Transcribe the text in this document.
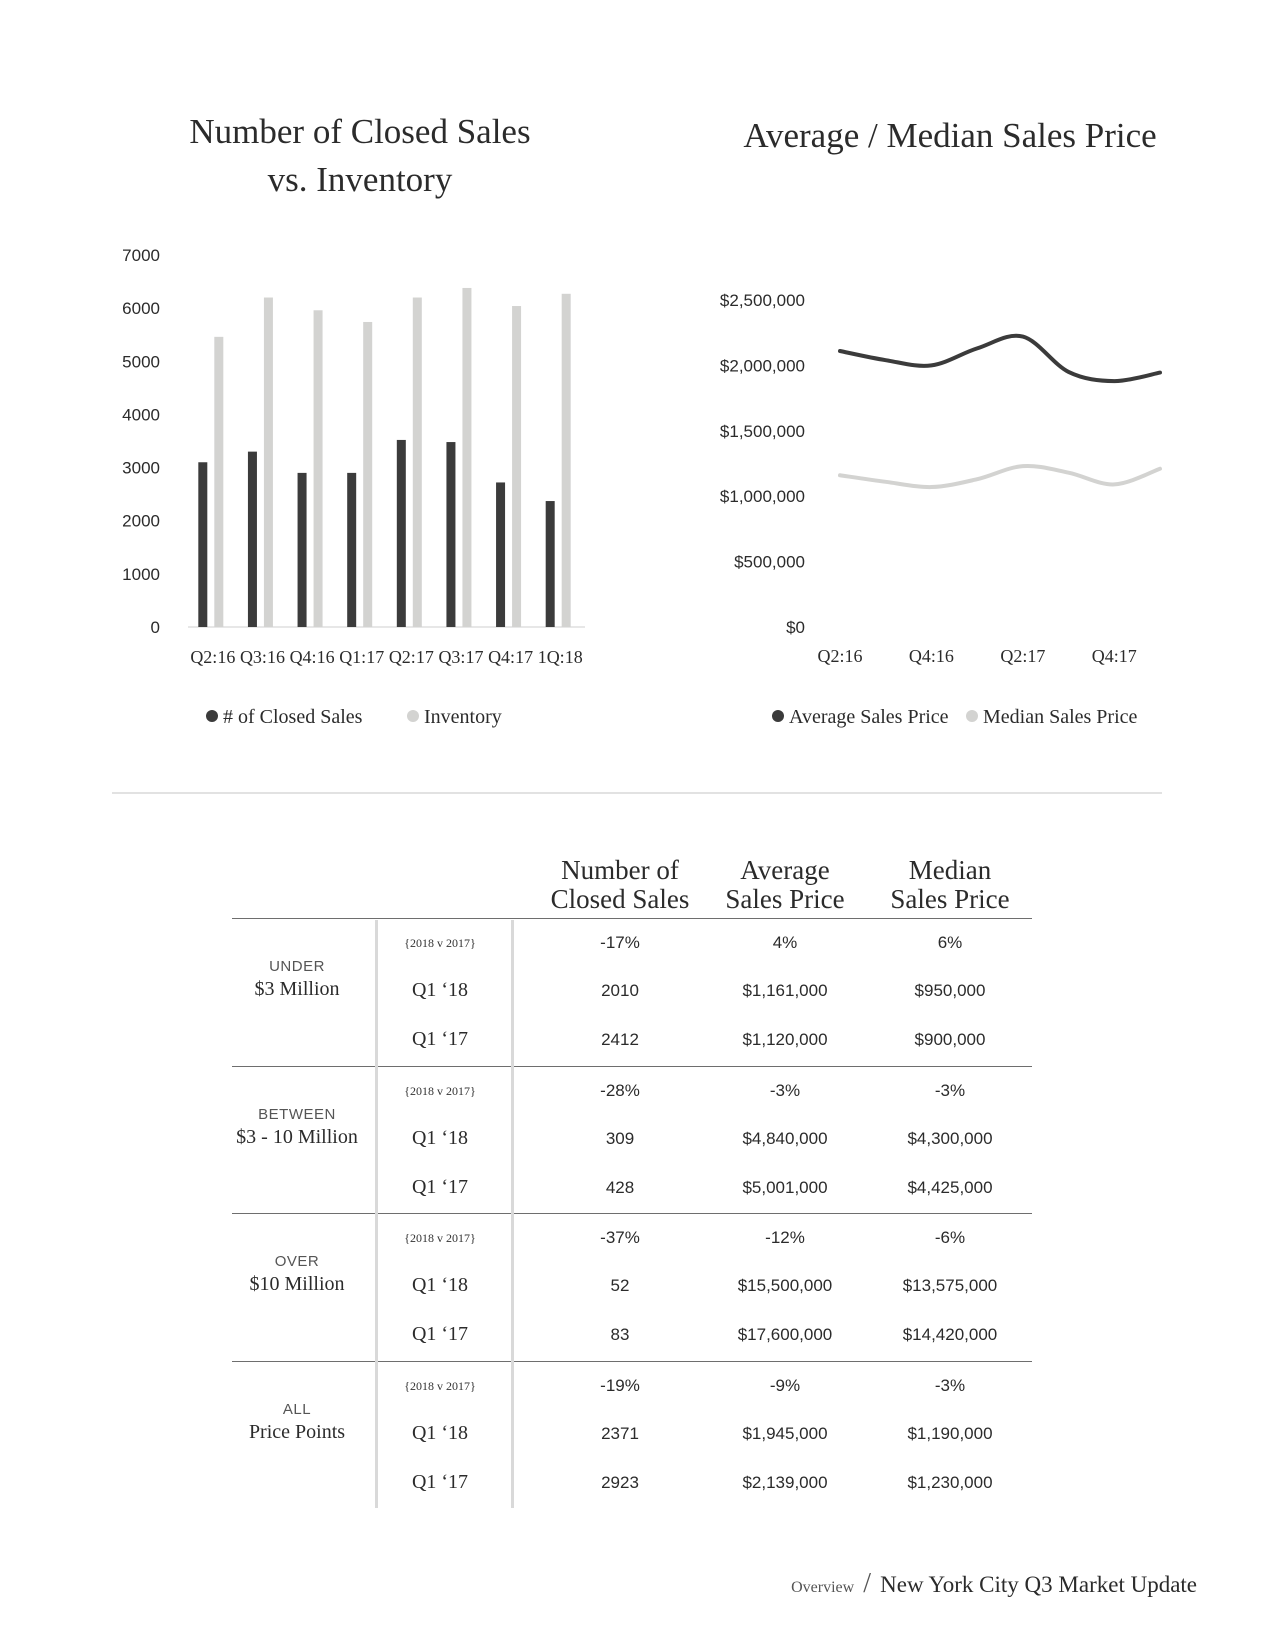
Number of Closed Sales
vs. Inventory
Average / Median Sales Price
0
1000
2000
3000
4000
5000
6000
7000
Q2:16 Q3:16 Q4:16 Q1:17 Q2:17 Q3:17 Q4:17 1Q:18
# of Closed Sales	Inventory
$0
$500,000
$1,000,000
$1,500,000
$2,000,000
$2,500,000
Q2:16	Q4:16	Q2:17	Q4:17
Average Sales Price Median Sales Price
Number of
Closed Sales
Average
Sales Price
Median
Sales Price
UNDER
$3 Million
{2018 v 2017}	-17%	4%	6%
Q1 ‘18	2010	$1,161,000	$950,000
Q1 ‘17	2412	$1,120,000	$900,000
BETWEEN
$3 - 10 Million
{2018 v 2017}	-28%	-3%	-3%
Q1 ‘18	309	$4,840,000	$4,300,000
Q1 ‘17	428	$5,001,000	$4,425,000
OVER
$10 Million
{2018 v 2017}	-37%	-12%	-6%
Q1 ‘18	52	$15,500,000	$13,575,000
Q1 ‘17	83	$17,600,000	$14,420,000
ALL
Price Points
{2018 v 2017}	-19%	-9%	-3%
Q1 ‘18	2371	$1,945,000	$1,190,000
Q1 ‘17	2923	$2,139,000	$1,230,000
Overview / New York City Q3 Market Update
